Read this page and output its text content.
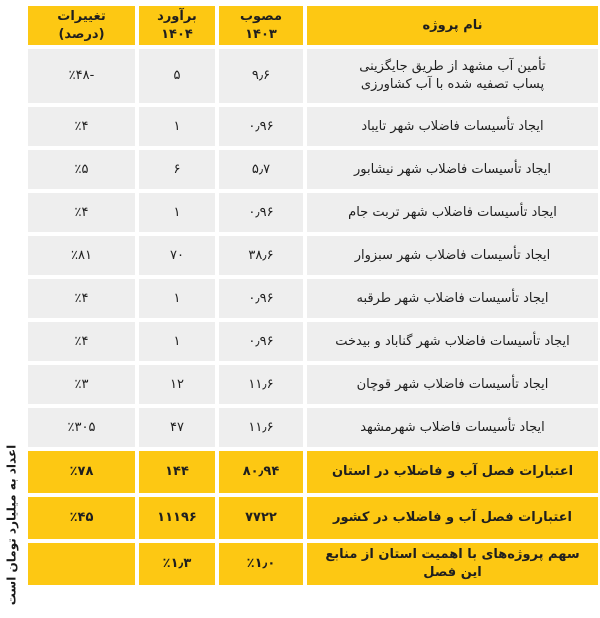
اعداد به میلیارد تومان است
نام پروژه	مصوب ۱۴۰۳	برآورد ۱۴۰۴	تغییرات (درصد)

تأمین آب مشهد از طریق جایگزینی
پساب تصفیه شده با آب کشاورزی	۹٫۶	۵	-٪۴۸
ایجاد تأسیسات فاضلاب شهر تایباد	۰٫۹۶	۱	٪۴
ایجاد تأسیسات فاضلاب شهر نیشابور	۵٫۷	۶	٪۵
ایجاد تأسیسات فاضلاب شهر تربت جام	۰٫۹۶	۱	٪۴
ایجاد تأسیسات فاضلاب شهر سبزوار	۳۸٫۶	۷۰	٪۸۱
ایجاد تأسیسات فاضلاب شهر طرقبه	۰٫۹۶	۱	٪۴
ایجاد تأسیسات فاضلاب شهر گناباد و بیدخت	۰٫۹۶	۱	٪۴
ایجاد تأسیسات فاضلاب شهر قوچان	۱۱٫۶	۱۲	٪۳
ایجاد تأسیسات فاضلاب شهرمشهد	۱۱٫۶	۴۷	٪۳۰۵
اعتبارات فصل آب و فاضلاب در استان	۸۰٫۹۴	۱۴۴	٪۷۸
اعتبارات فصل آب و فاضلاب در کشور	۷۷۲۲	۱۱۱۹۶	٪۴۵
سهم پروژه‌های با اهمیت استان از منابع این فصل	٪۱٫۰	٪۱٫۳	
